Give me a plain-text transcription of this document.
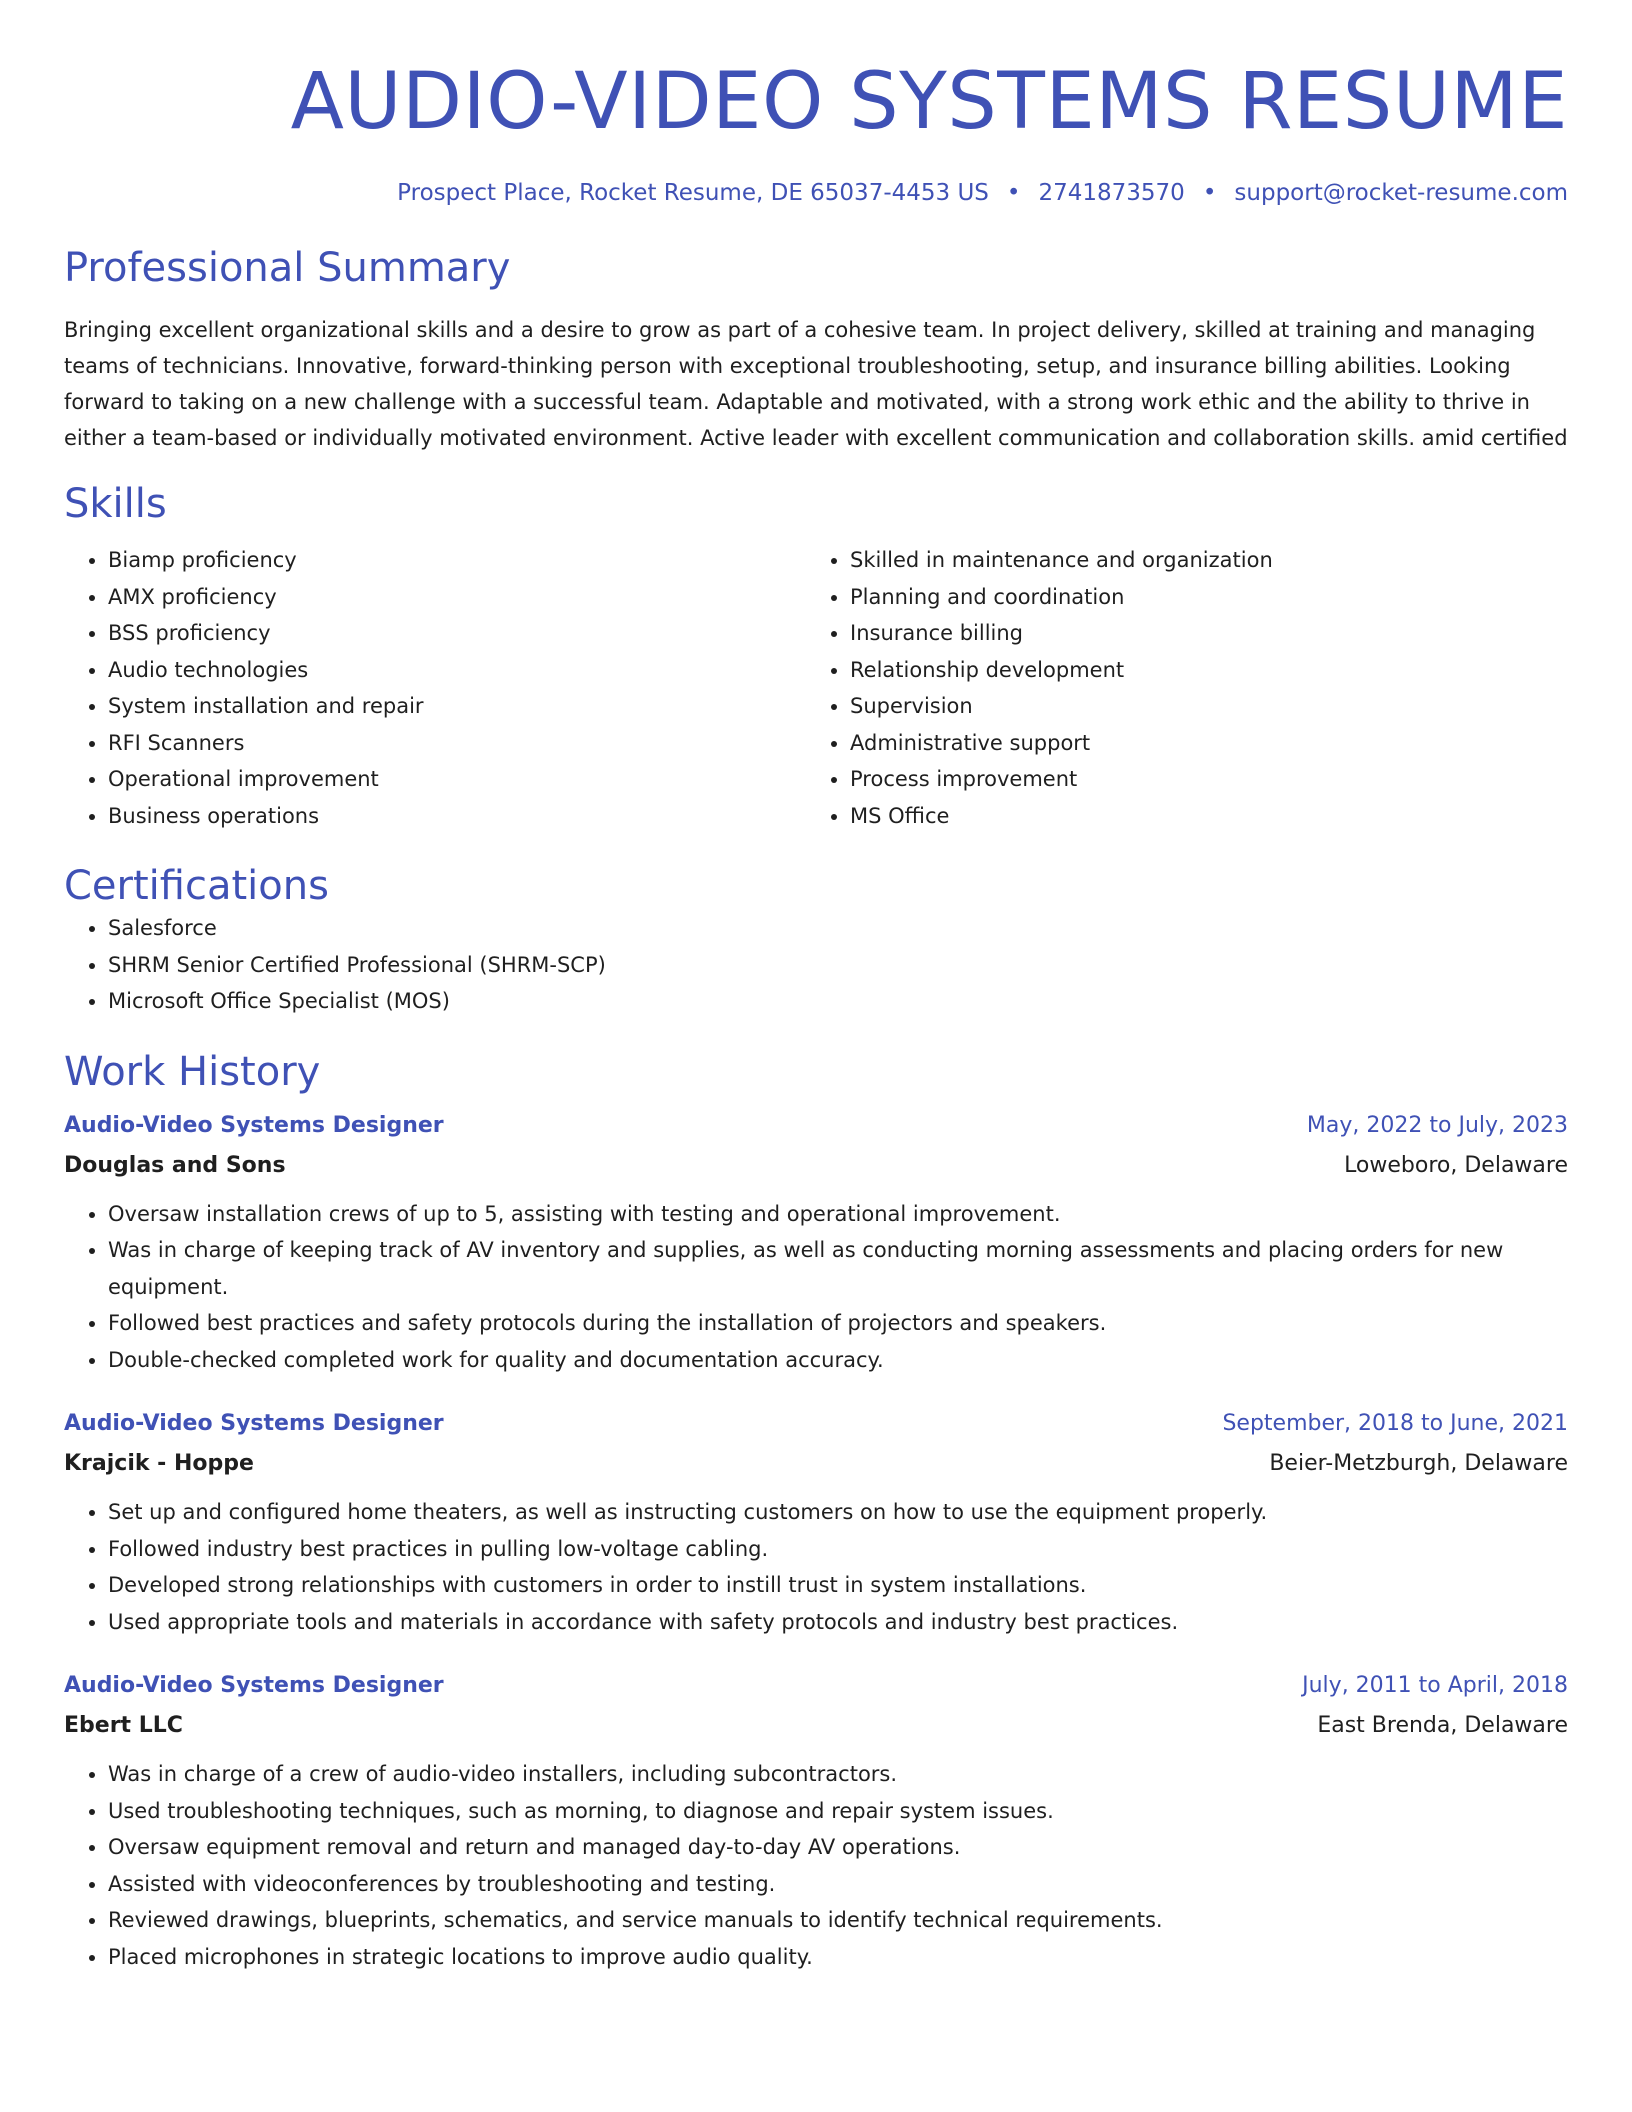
AUDIO-VIDEO SYSTEMS RESUME
Prospect Place, Rocket Resume, DE 65037-4453 US • 2741873570 • support@rocket-resume.com
Professional Summary

Bringing excellent organizational skills and a desire to grow as part of a cohesive team. In project delivery, skilled at training and managing teams of technicians. Innovative, forward-thinking person with exceptional troubleshooting, setup, and insurance billing abilities. Looking forward to taking on a new challenge with a successful team. Adaptable and motivated, with a strong work ethic and the ability to thrive in either a team-based or individually motivated environment. Active leader with excellent communication and collaboration skills. amid certified

Skills
• Biamp proficiency
• AMX proficiency
• BSS proficiency
• Audio technologies
• System installation and repair
• RFI Scanners
• Operational improvement
• Business operations
• Skilled in maintenance and organization
• Planning and coordination
• Insurance billing
• Relationship development
• Supervision
• Administrative support
• Process improvement
• MS Office
Certifications
• Salesforce
• SHRM Senior Certified Professional (SHRM-SCP)
• Microsoft Office Specialist (MOS)
Work History
Audio-Video Systems Designer	May, 2022 to July, 2023
Douglas and Sons	Loweboro, Delaware
• Oversaw installation crews of up to 5, assisting with testing and operational improvement.
• Was in charge of keeping track of AV inventory and supplies, as well as conducting morning assessments and placing orders for new equipment.
• Followed best practices and safety protocols during the installation of projectors and speakers.
• Double-checked completed work for quality and documentation accuracy.
Audio-Video Systems Designer	September, 2018 to June, 2021
Krajcik - Hoppe	Beier-Metzburgh, Delaware
• Set up and configured home theaters, as well as instructing customers on how to use the equipment properly.
• Followed industry best practices in pulling low-voltage cabling.
• Developed strong relationships with customers in order to instill trust in system installations.
• Used appropriate tools and materials in accordance with safety protocols and industry best practices.
Audio-Video Systems Designer	July, 2011 to April, 2018
Ebert LLC	East Brenda, Delaware
• Was in charge of a crew of audio-video installers, including subcontractors.
• Used troubleshooting techniques, such as morning, to diagnose and repair system issues.
• Oversaw equipment removal and return and managed day-to-day AV operations.
• Assisted with videoconferences by troubleshooting and testing.
• Reviewed drawings, blueprints, schematics, and service manuals to identify technical requirements.
• Placed microphones in strategic locations to improve audio quality.
